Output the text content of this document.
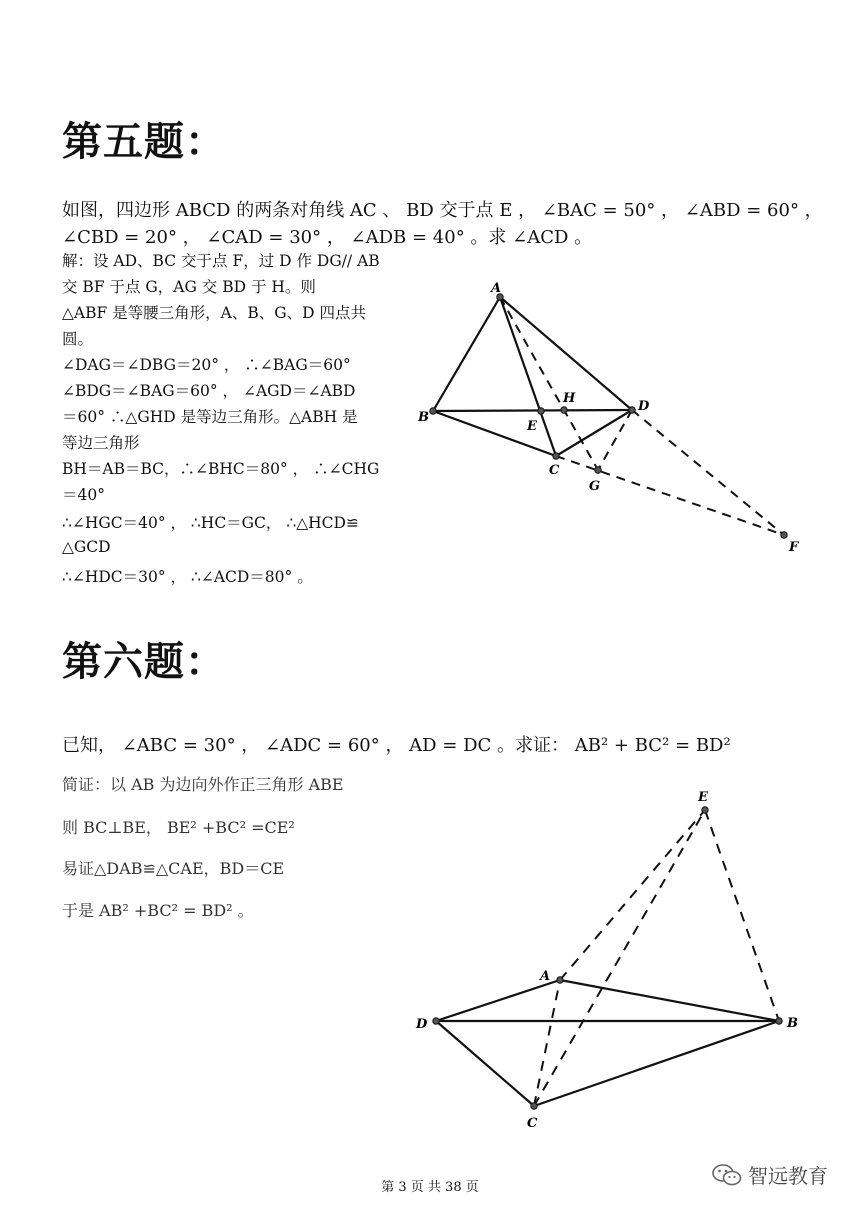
第五题：
如图，四边形 ABCD 的两条对角线 AC 、 BD 交于点 E ， ∠BAC = 50° ， ∠ABD = 60° ，
∠CBD = 20° ， ∠CAD = 30° ， ∠ADB = 40° 。求 ∠ACD 。
解：设 AD、BC 交于点 F，过 D 作 DG// AB
交 BF 于点 G，AG 交 BD 于 H。则
△ABF 是等腰三角形，A、B、G、D 四点共
圆。
∠DAG＝∠DBG＝20° ， ∴∠BAG＝60°
∠BDG＝∠BAG＝60° ， ∠AGD＝∠ABD
＝60° ∴△GHD 是等边三角形。△ABH 是
等边三角形
BH＝AB＝BC，∴∠BHC＝80° ， ∴∠CHG
＝40°
∴∠HGC＝40° ， ∴HC＝GC， ∴△HCD≌
△GCD
∴∠HDC＝30° ， ∴∠ACD＝80° 。
A
B
D
C
E
H
G
F
第六题：
已知， ∠ABC = 30° ， ∠ADC = 60° ， AD = DC 。求证： AB² + BC² = BD²
简证：以 AB 为边向外作正三角形 ABE
则 BC⊥BE， BE² +BC² =CE²
易证△DAB≌△CAE，BD＝CE
于是 AB² +BC² = BD² 。
A
D	B
C
E
第 3 页 共 38 页	智远教育
